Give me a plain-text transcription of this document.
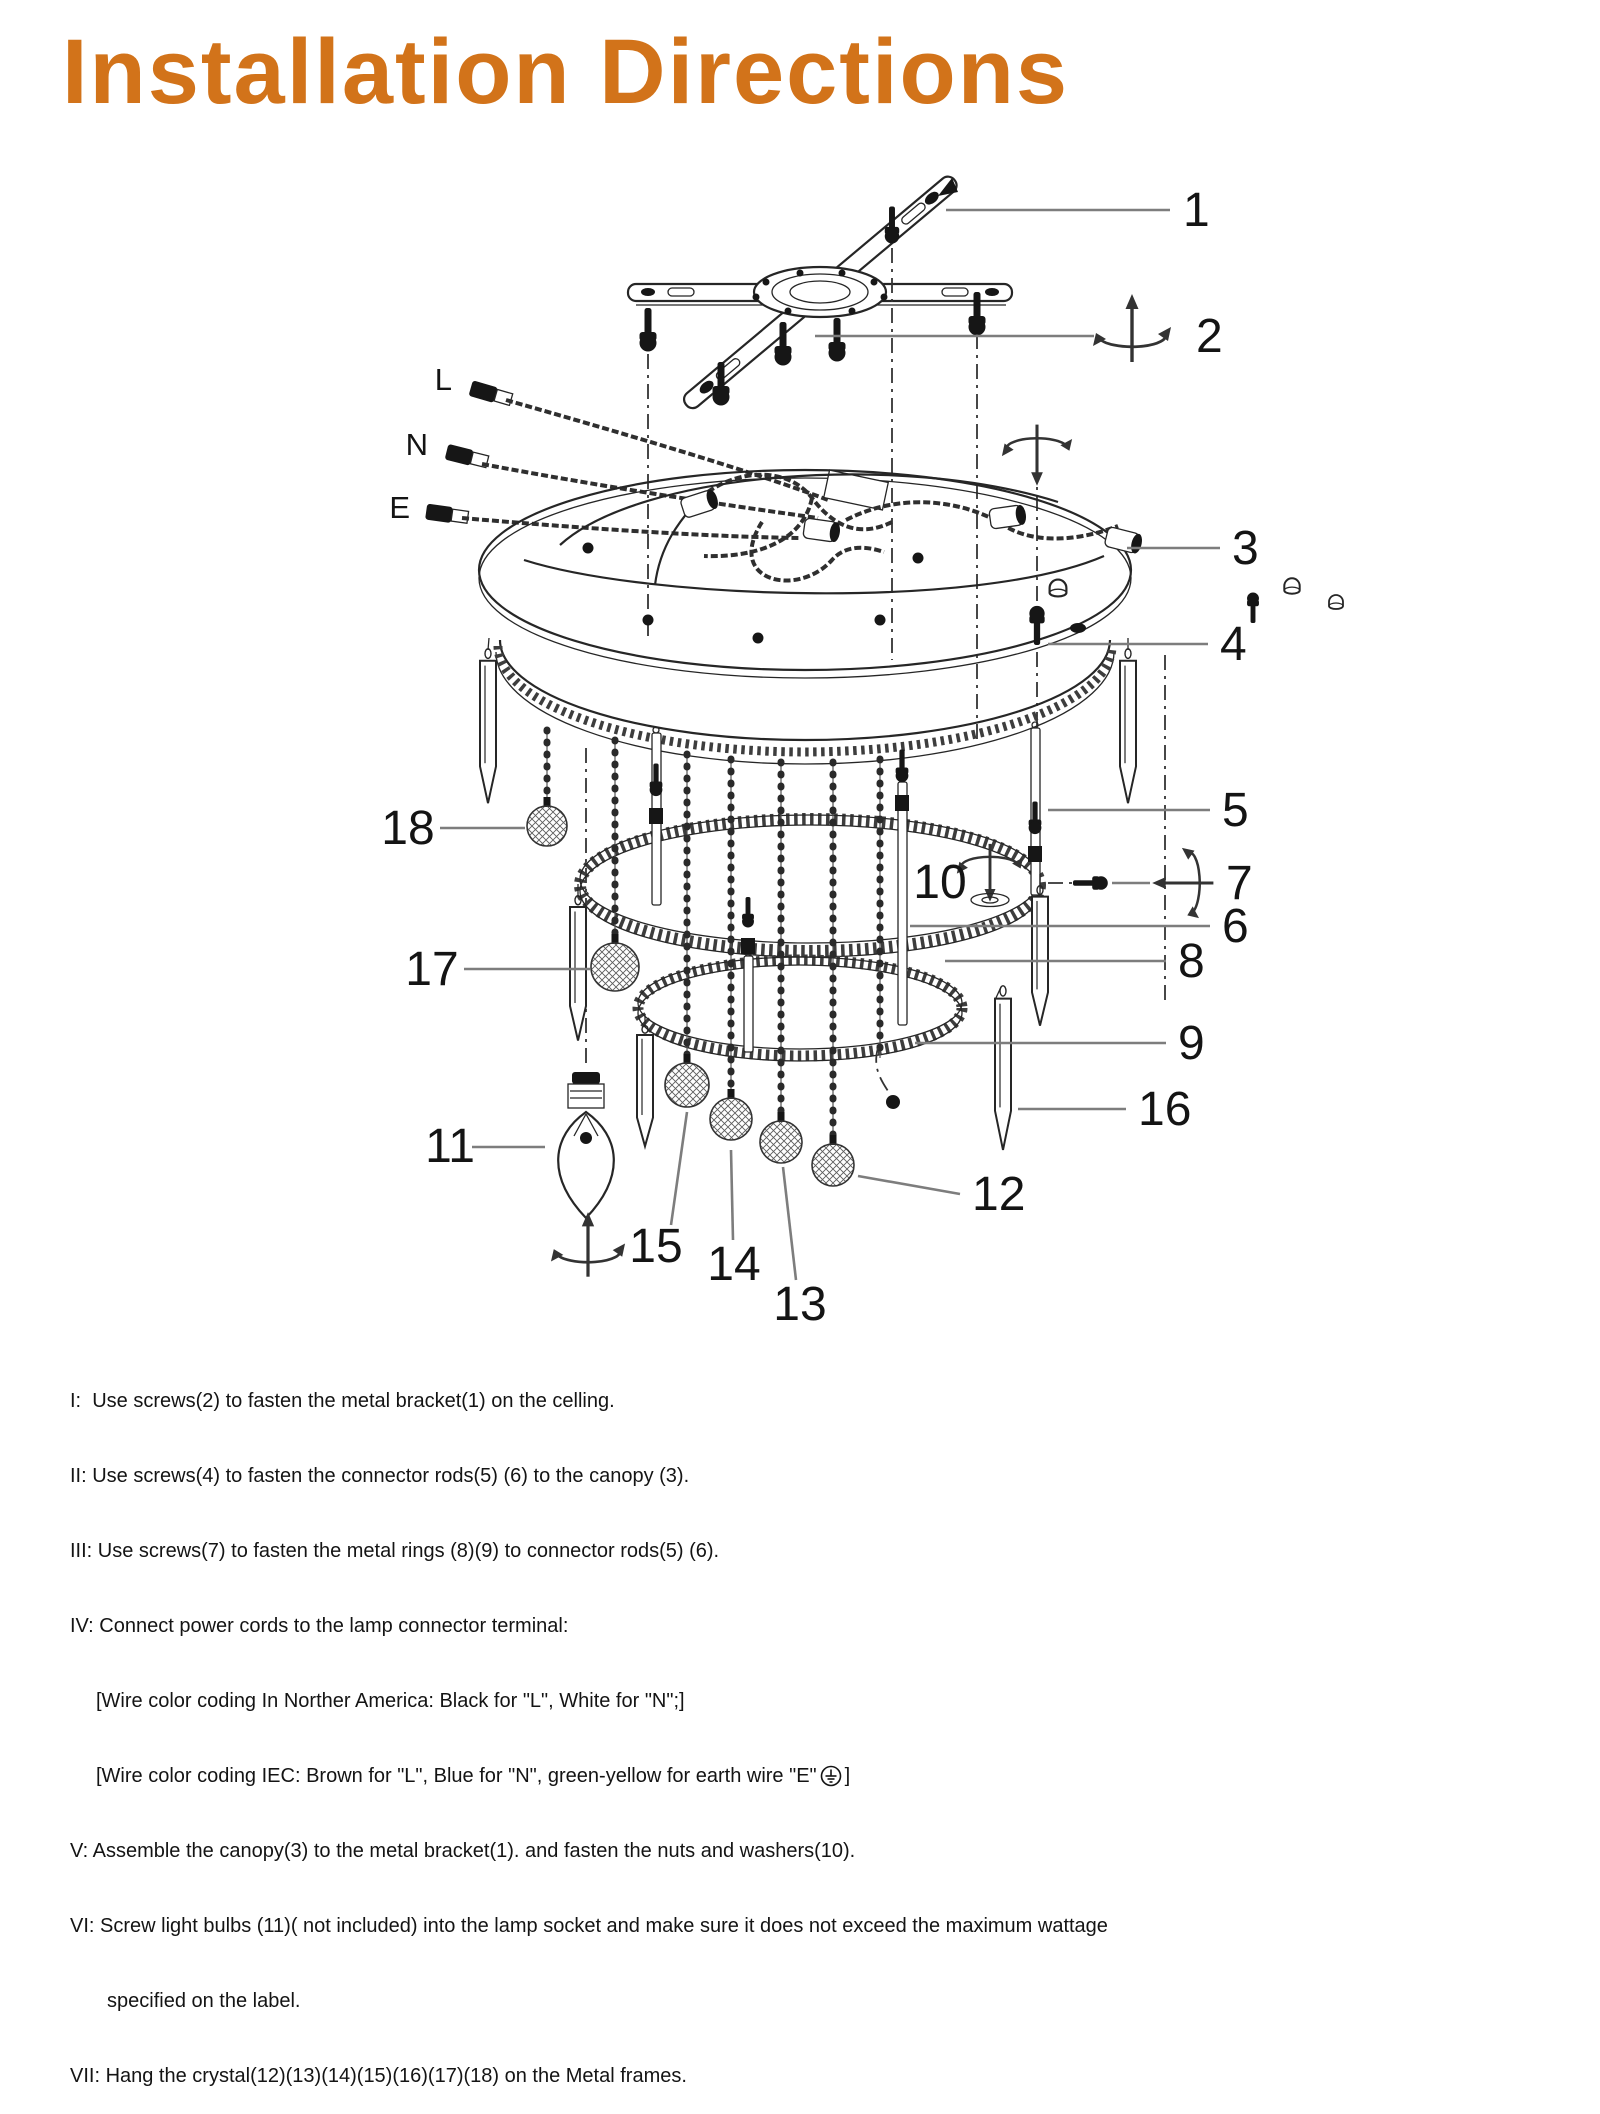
Installation Directions
L
N
E
1
2
3
4
5
7
6
8
9
10
11
12
13
14
15
16
17
18

I:  Use screws(2) to fasten the metal bracket(1) on the celling.

II: Use screws(4) to fasten the connector rods(5) (6) to the canopy (3).

III: Use screws(7) to fasten the metal rings (8)(9) to connector rods(5) (6).

IV: Connect power cords to the lamp connector terminal:

[Wire color coding In Norther America: Black for "L", White for "N";]

[Wire color coding IEC: Brown for "L", Blue for "N", green-yellow for earth wire "E" ]

V: Assemble the canopy(3) to the metal bracket(1). and fasten the nuts and washers(10).

VI: Screw light bulbs (11)( not included) into the lamp socket and make sure it does not exceed the maximum wattage

specified on the label.

VII: Hang the crystal(12)(13)(14)(15)(16)(17)(18) on the Metal frames.
